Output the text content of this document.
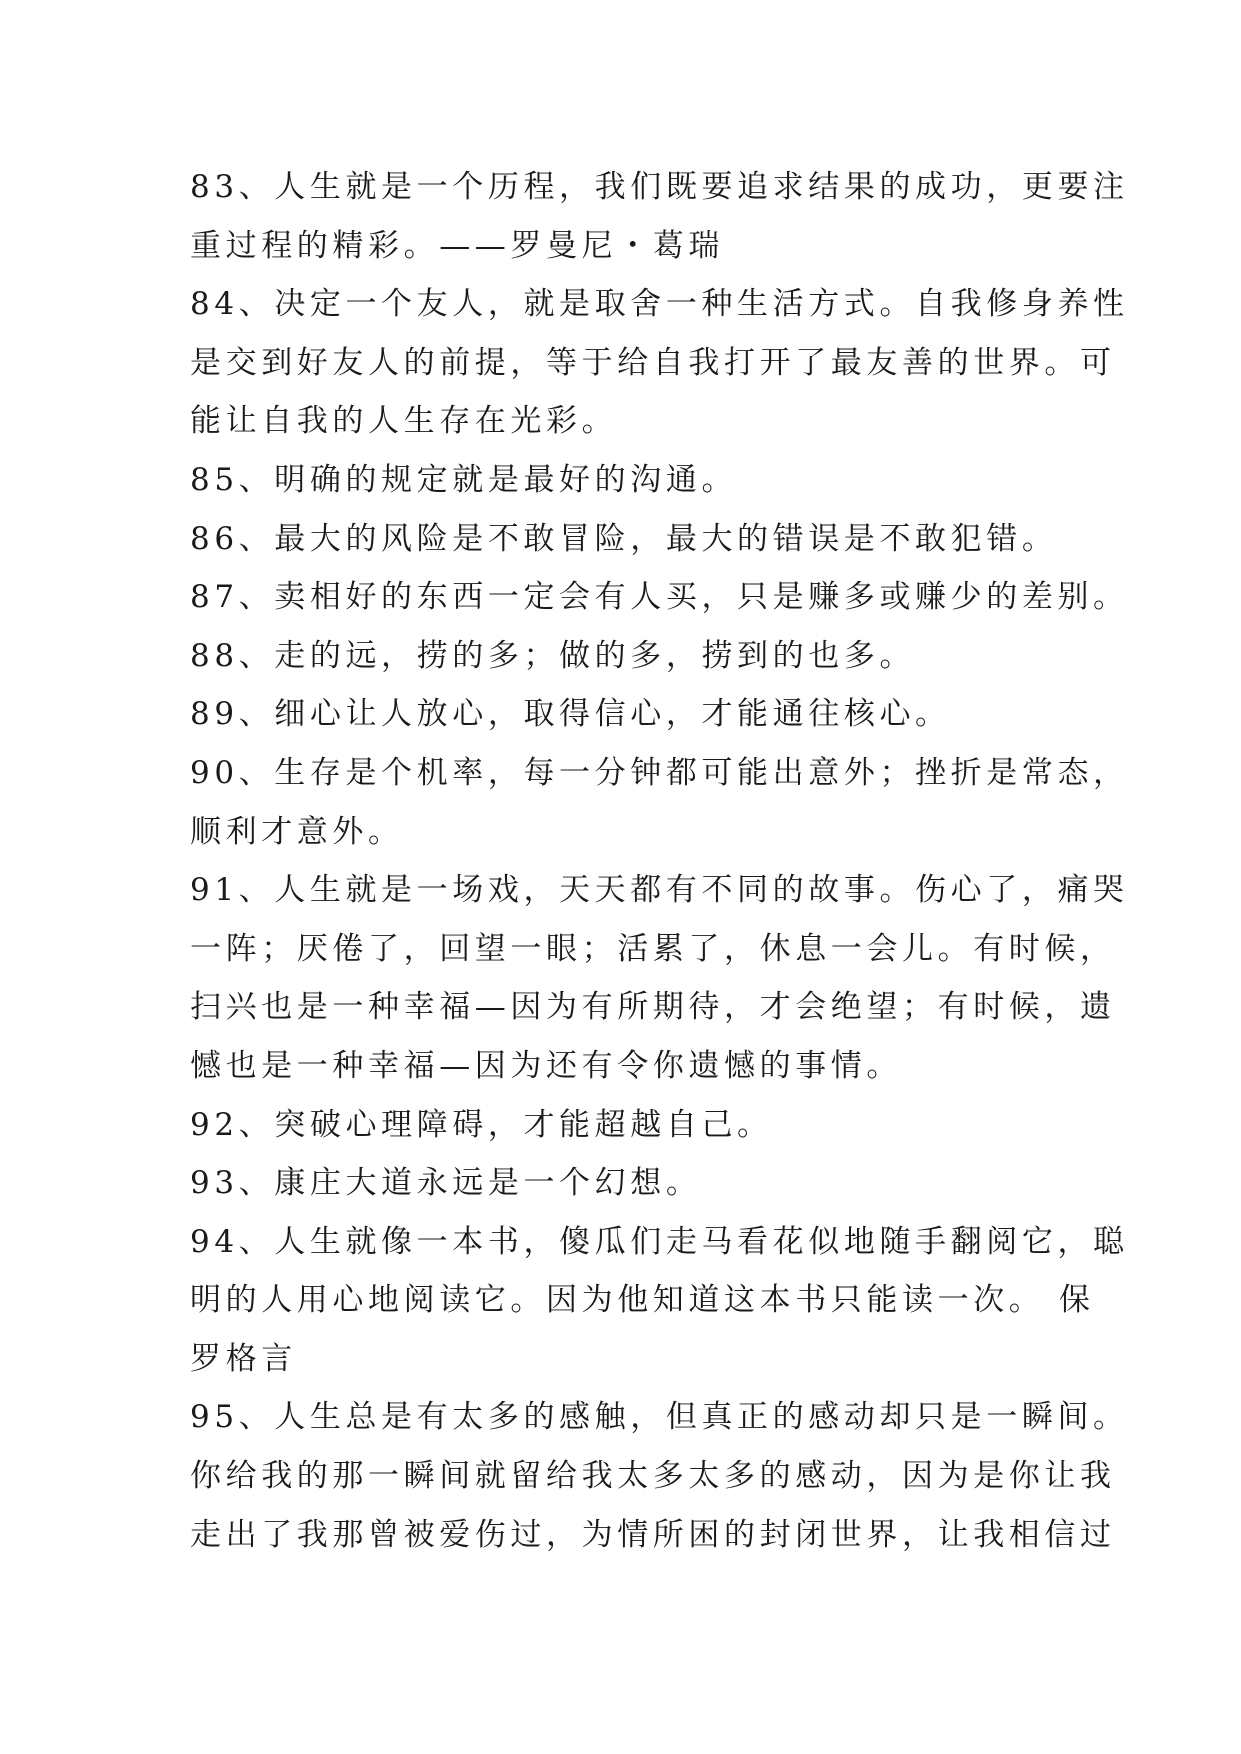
83、人生就是一个历程，我们既要追求结果的成功，更要注
重过程的精彩。——罗曼尼・葛瑞
84、决定一个友人，就是取舍一种生活方式。自我修身养性
是交到好友人的前提，等于给自我打开了最友善的世界。可
能让自我的人生存在光彩。
85、明确的规定就是最好的沟通。
86、最大的风险是不敢冒险，最大的错误是不敢犯错。
87、卖相好的东西一定会有人买，只是赚多或赚少的差别。
88、走的远，捞的多；做的多，捞到的也多。
89、细心让人放心，取得信心，才能通往核心。
90、生存是个机率，每一分钟都可能出意外；挫折是常态，
顺利才意外。
91、人生就是一场戏，天天都有不同的故事。伤心了，痛哭
一阵；厌倦了，回望一眼；活累了，休息一会儿。有时候，
扫兴也是一种幸福—因为有所期待，才会绝望；有时候，遗
憾也是一种幸福—因为还有令你遗憾的事情。
92、突破心理障碍，才能超越自己。
93、康庄大道永远是一个幻想。
94、人生就像一本书，傻瓜们走马看花似地随手翻阅它，聪
明的人用心地阅读它。因为他知道这本书只能读一次。 保
罗格言
95、人生总是有太多的感触，但真正的感动却只是一瞬间。
你给我的那一瞬间就留给我太多太多的感动，因为是你让我
走出了我那曾被爱伤过，为情所困的封闭世界，让我相信过
